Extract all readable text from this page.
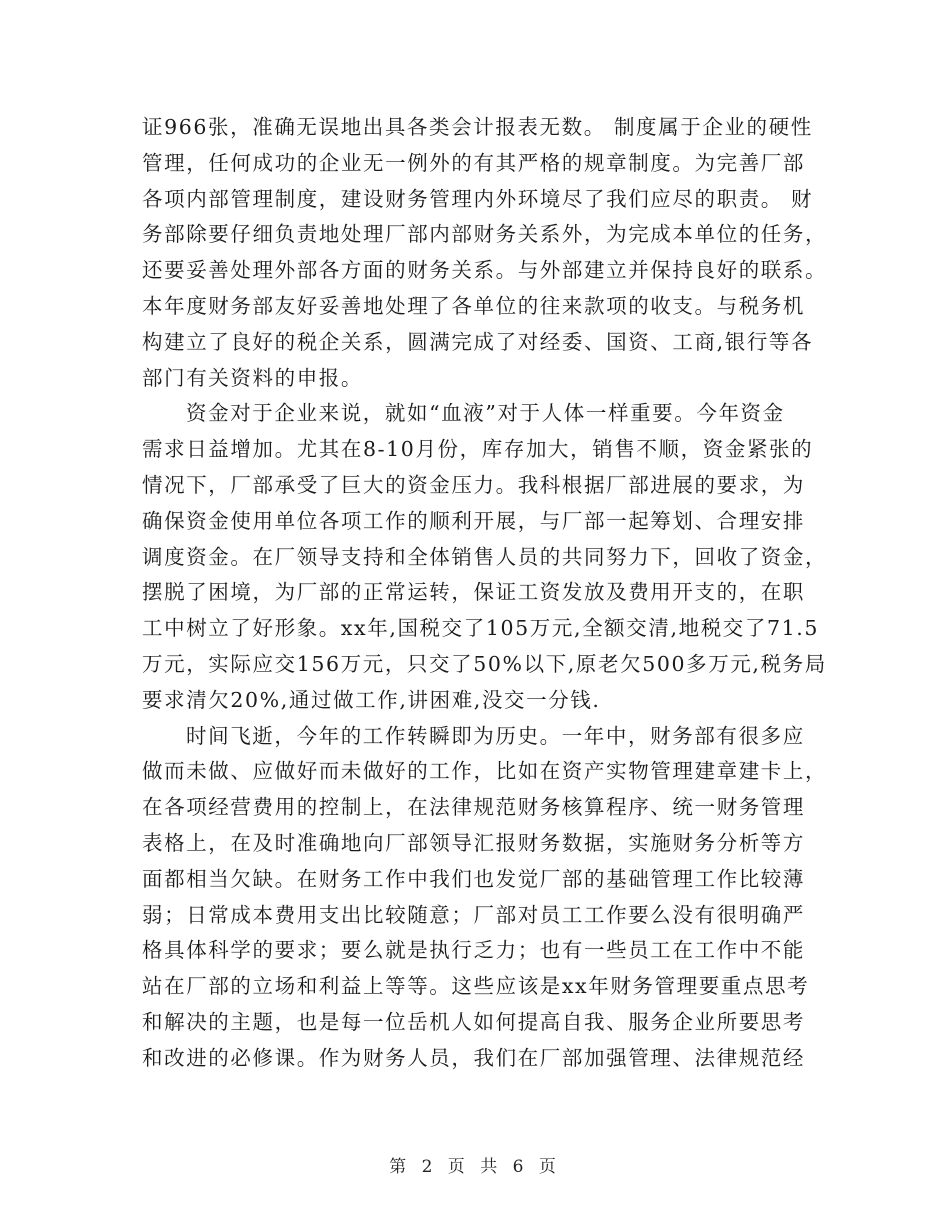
证966张，准确无误地出具各类会计报表无数。 制度属于企业的硬性
管理，任何成功的企业无一例外的有其严格的规章制度。为完善厂部
各项内部管理制度，建设财务管理内外环境尽了我们应尽的职责。 财
务部除要仔细负责地处理厂部内部财务关系外，为完成本单位的任务，
还要妥善处理外部各方面的财务关系。与外部建立并保持良好的联系。
本年度财务部友好妥善地处理了各单位的往来款项的收支。与税务机
构建立了良好的税企关系，圆满完成了对经委、国资、工商,银行等各
部门有关资料的申报。
资金对于企业来说，就如“血液”对于人体一样重要。今年资金
需求日益增加。尤其在8-10月份，库存加大，销售不顺，资金紧张的
情况下，厂部承受了巨大的资金压力。我科根据厂部进展的要求，为
确保资金使用单位各项工作的顺利开展，与厂部一起筹划、合理安排
调度资金。在厂领导支持和全体销售人员的共同努力下，回收了资金，
摆脱了困境，为厂部的正常运转，保证工资发放及费用开支的，在职
工中树立了好形象。xx年,国税交了105万元,全额交清,地税交了71.5
万元，实际应交156万元，只交了50%以下,原老欠500多万元,税务局
要求清欠20%,通过做工作,讲困难,没交一分钱.
时间飞逝，今年的工作转瞬即为历史。一年中，财务部有很多应
做而未做、应做好而未做好的工作，比如在资产实物管理建章建卡上，
在各项经营费用的控制上，在法律规范财务核算程序、统一财务管理
表格上，在及时准确地向厂部领导汇报财务数据，实施财务分析等方
面都相当欠缺。在财务工作中我们也发觉厂部的基础管理工作比较薄
弱；日常成本费用支出比较随意；厂部对员工工作要么没有很明确严
格具体科学的要求；要么就是执行乏力；也有一些员工在工作中不能
站在厂部的立场和利益上等等。这些应该是xx年财务管理要重点思考
和解决的主题，也是每一位岳机人如何提高自我、服务企业所要思考
和改进的必修课。作为财务人员，我们在厂部加强管理、法律规范经
第 2 页 共 6 页
